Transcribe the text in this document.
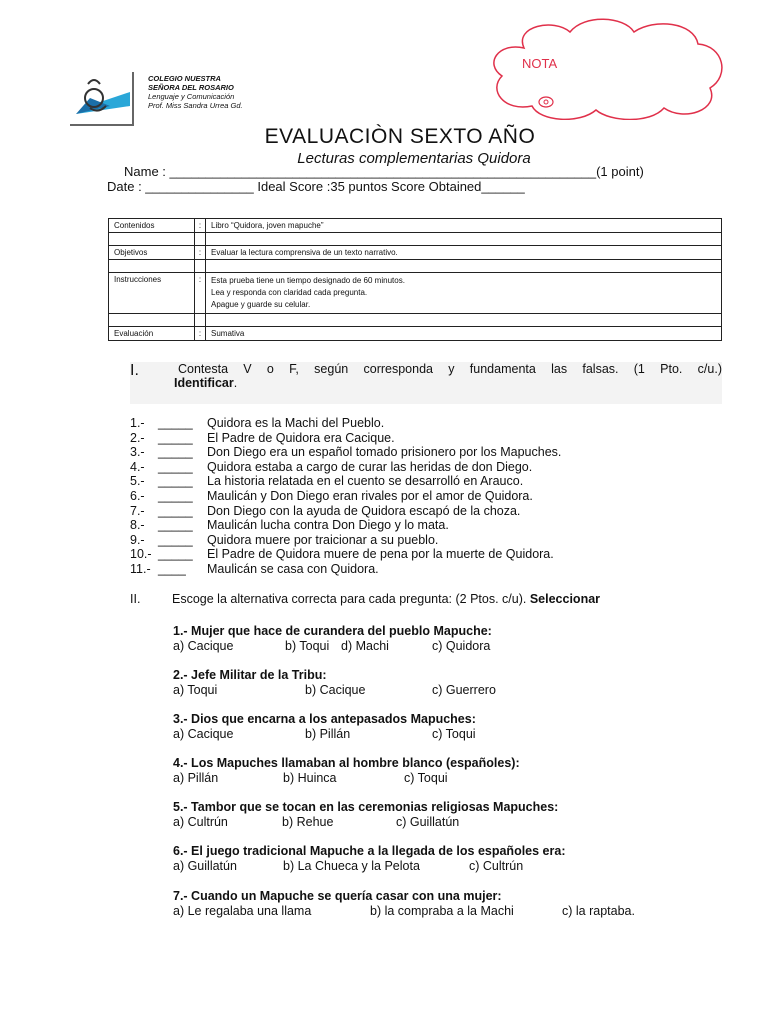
COLEGIO NUESTRA
SEÑORA DEL ROSARIO
Lenguaje y Comunicación
Prof. Miss Sandra Urrea Gd.
NOTA
EVALUACIÒN SEXTO AÑO
Lecturas complementarias Quidora
Name : ___________________________________________________________(1 point)
Date : _______________ Ideal Score :35 puntos Score Obtained______
Contenidos	:	Libro “Quidora, joven mapuche”

Objetivos	:	Evaluar la lectura comprensiva de un texto narrativo.

Instrucciones	:	Esta prueba tiene un tiempo designado de 60 minutos.
Lea y responda con claridad cada pregunta.
Apague y guarde su celular.

Evaluación	:	Sumativa
I.	Contesta V o F, según corresponda y fundamenta las falsas. (1 Pto. c/u.)
Identificar.
1.- _____ Quidora es la Machi del Pueblo.
2.- _____ El Padre de Quidora era Cacique.
3.- _____ Don Diego era un español tomado prisionero por los Mapuches.
4.- _____ Quidora estaba a cargo de curar las heridas de don Diego.
5.- _____ La historia relatada en el cuento se desarrolló en Arauco.
6.- _____ Maulicán y Don Diego eran rivales por el amor de Quidora.
7.- _____ Don Diego con la ayuda de Quidora escapó de la choza.
8.- _____ Maulicán lucha contra Don Diego y lo mata.
9.- _____ Quidora muere por traicionar a su pueblo.
10.- _____ El Padre de Quidora muere de pena por la muerte de Quidora.
11.- ____ Maulicán se casa con Quidora.
II.	Escoge la alternativa correcta para cada pregunta: (2 Ptos. c/u). Seleccionar
1.- Mujer que hace de curandera del pueblo Mapuche:
a) Cacique	b) Toqui d) Machi	c) Quidora
2.- Jefe Militar de la Tribu:
a) Toqui	b) Cacique	c) Guerrero
3.- Dios que encarna a los antepasados Mapuches:
a) Cacique	b) Pillán	c) Toqui
4.- Los Mapuches llamaban al hombre blanco (españoles):
a) Pillán	b) Huinca	c) Toqui
5.- Tambor que se tocan en las ceremonias religiosas Mapuches:
a) Cultrún	b) Rehue	c) Guillatún
6.- El juego tradicional Mapuche a la llegada de los españoles era:
a) Guillatún	b) La Chueca y la Pelota	c) Cultrún
7.- Cuando un Mapuche se quería casar con una mujer:
a) Le regalaba una llama	b) la compraba a la Machi	c) la raptaba.
